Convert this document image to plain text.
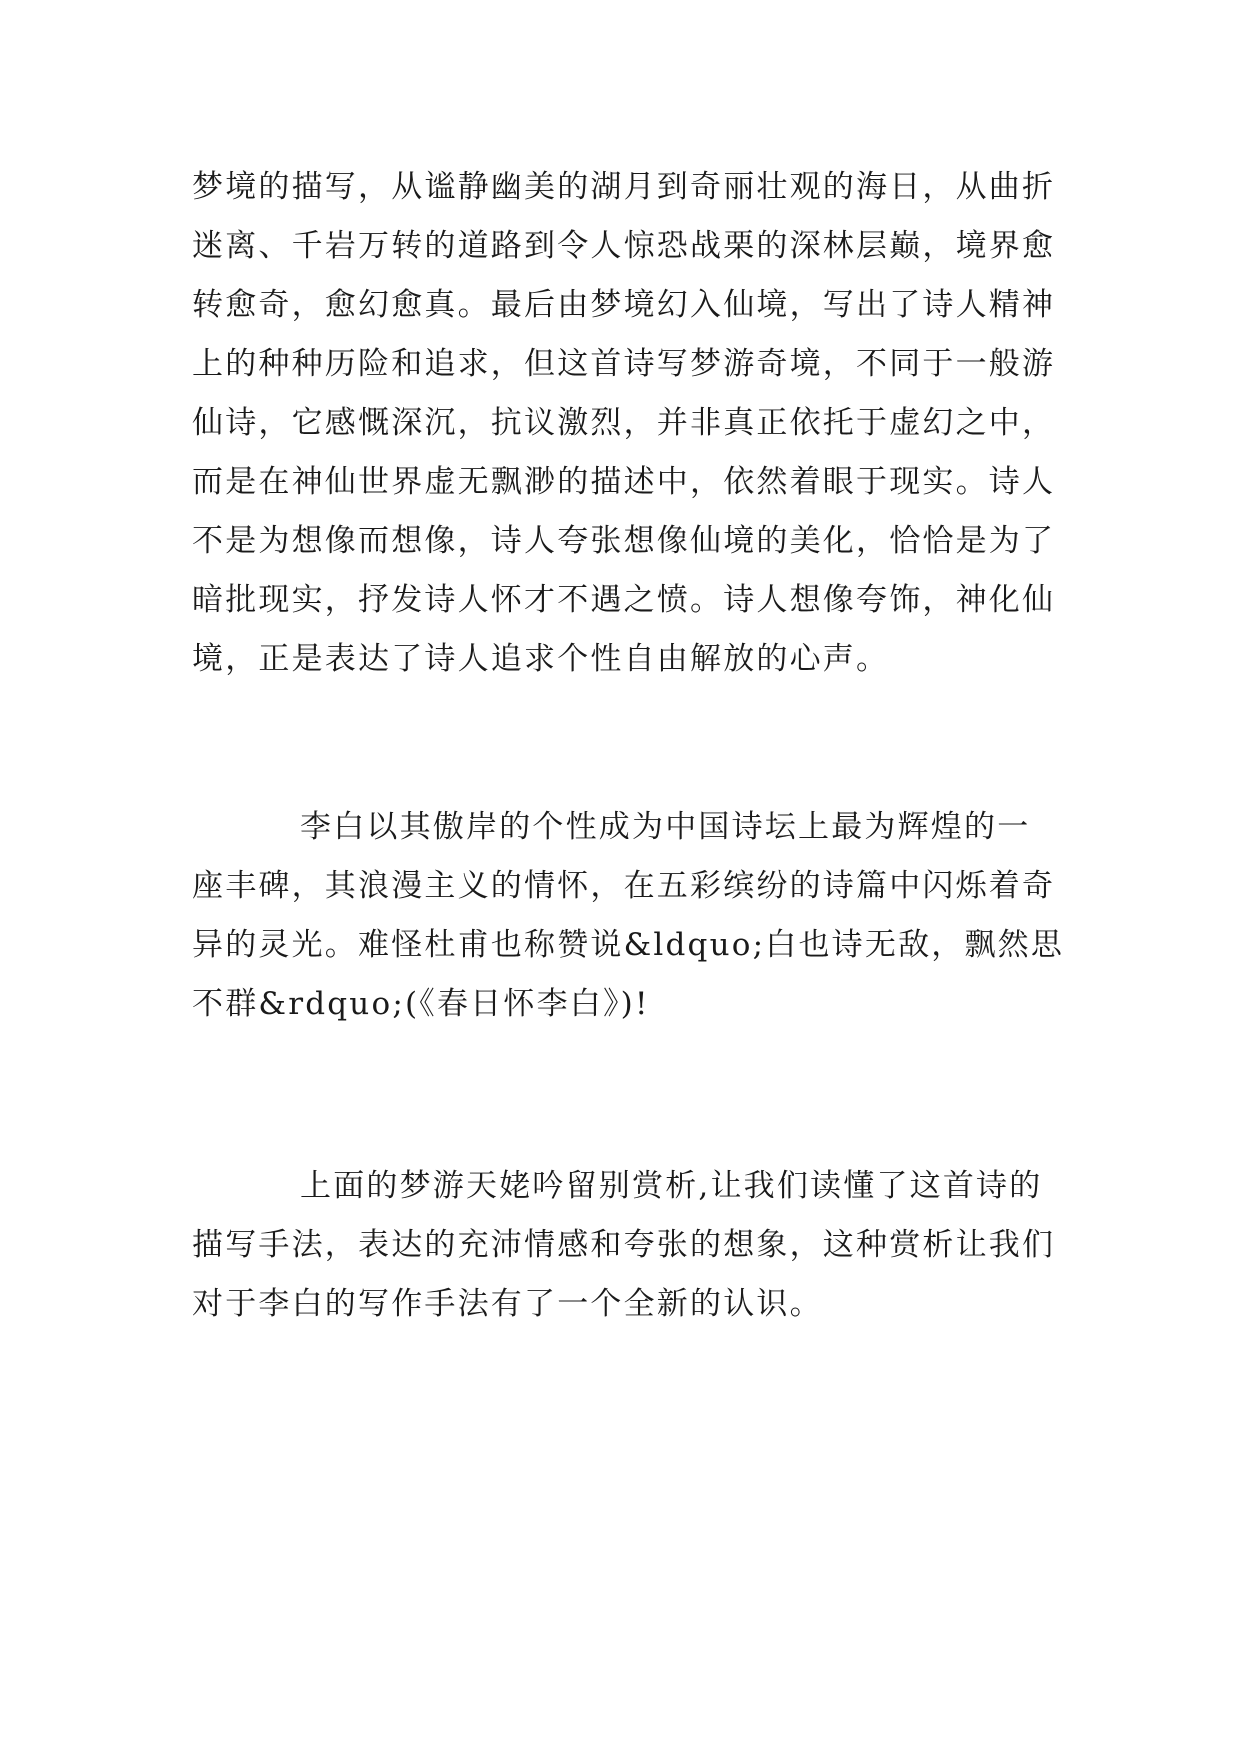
梦境的描写，从谧静幽美的湖月到奇丽壮观的海日，从曲折
迷离、千岩万转的道路到令人惊恐战栗的深林层巅，境界愈
转愈奇，愈幻愈真。最后由梦境幻入仙境，写出了诗人精神
上的种种历险和追求，但这首诗写梦游奇境，不同于一般游
仙诗，它感慨深沉，抗议激烈，并非真正依托于虚幻之中，
而是在神仙世界虚无飘渺的描述中，依然着眼于现实。诗人
不是为想像而想像，诗人夸张想像仙境的美化，恰恰是为了
暗批现实，抒发诗人怀才不遇之愤。诗人想像夸饰，神化仙
境，正是表达了诗人追求个性自由解放的心声。

李白以其傲岸的个性成为中国诗坛上最为辉煌的一
座丰碑，其浪漫主义的情怀，在五彩缤纷的诗篇中闪烁着奇
异的灵光。难怪杜甫也称赞说&ldquo;白也诗无敌，飘然思
不群&rdquo;(《春日怀李白》)!

上面的梦游天姥吟留别赏析,让我们读懂了这首诗的
描写手法，表达的充沛情感和夸张的想象，这种赏析让我们
对于李白的写作手法有了一个全新的认识。
